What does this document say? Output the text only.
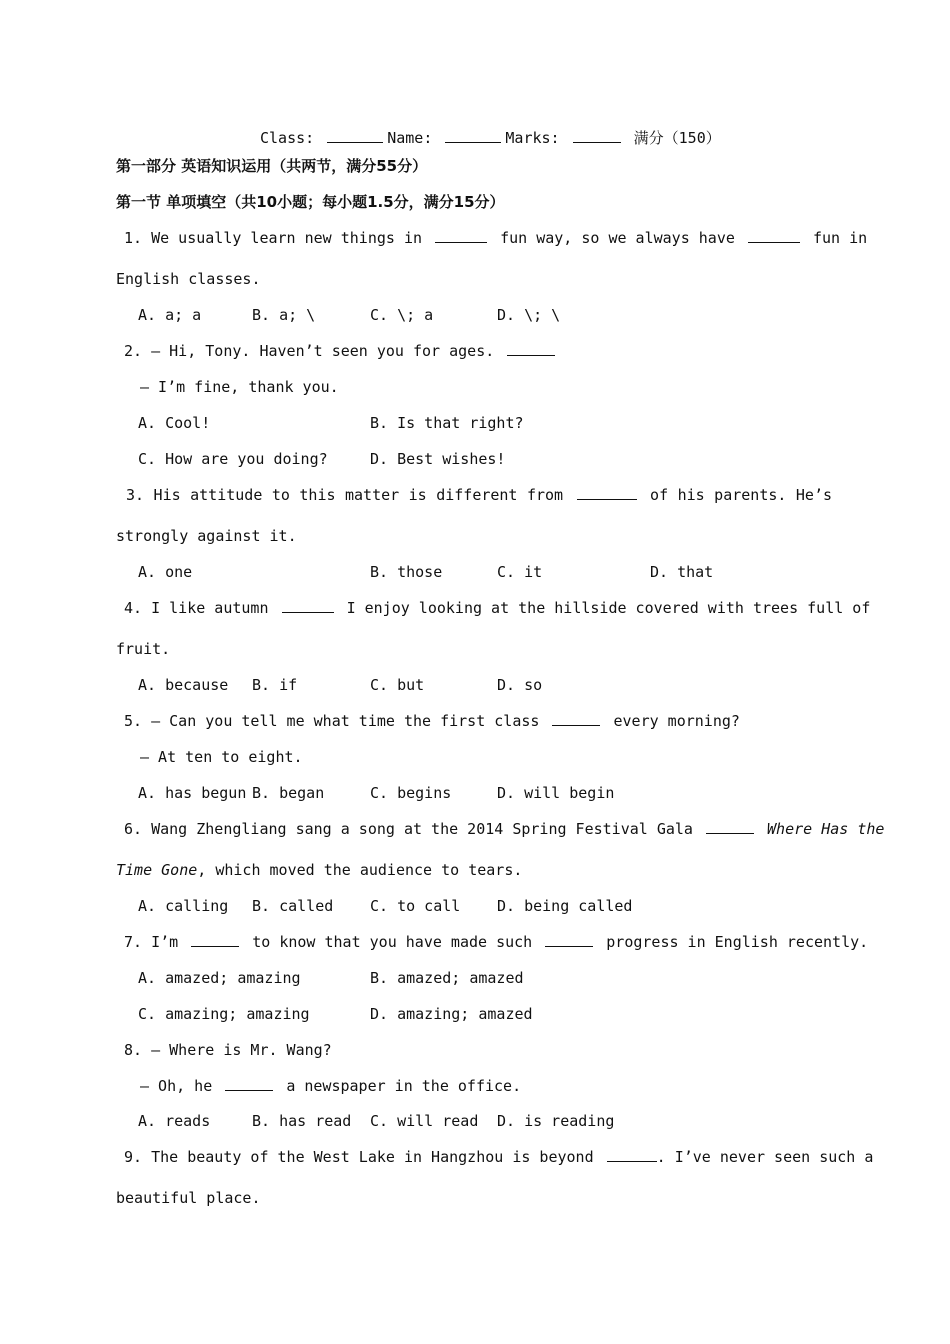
Class:	Name:	Marks:	满分（150）
第一部分 英语知识运用（共两节，满分55分）
第一节 单项填空（共10小题；每小题1.5分，满分15分）
1. We usually learn new things in	fun way, so we always have	fun in
English classes.
A. a; a	B. a; \	C. \; a	D. \; \
2. — Hi, Tony. Haven’t seen you for ages.
— I’m fine, thank you.
A. Cool!	B. Is that right?
C. How are you doing?	D. Best wishes!
3. His attitude to this matter is different from	of his parents. He’s
strongly against it.
A. one	B. those	C. it	D. that
4. I like autumn	I enjoy looking at the hillside covered with trees full of
fruit.
A. because B. if	C. but	D. so
5. — Can you tell me what time the first class	every morning?
— At ten to eight.
A. has begun B. began	C. begins	D. will begin
6. Wang Zhengliang sang a song at the 2014 Spring Festival Gala	Where Has the
Time Gone, which moved the audience to tears.
A. calling B. called C. to call D. being called
7. I’m	to know that you have made such	progress in English recently.
A. amazed; amazing	B. amazed; amazed
C. amazing; amazing	D. amazing; amazed
8. — Where is Mr. Wang?
— Oh, he	a newspaper in the office.
A. reads	B. has read C. will read D. is reading
9. The beauty of the West Lake in Hangzhou is beyond	. I’ve never seen such a
beautiful place.
